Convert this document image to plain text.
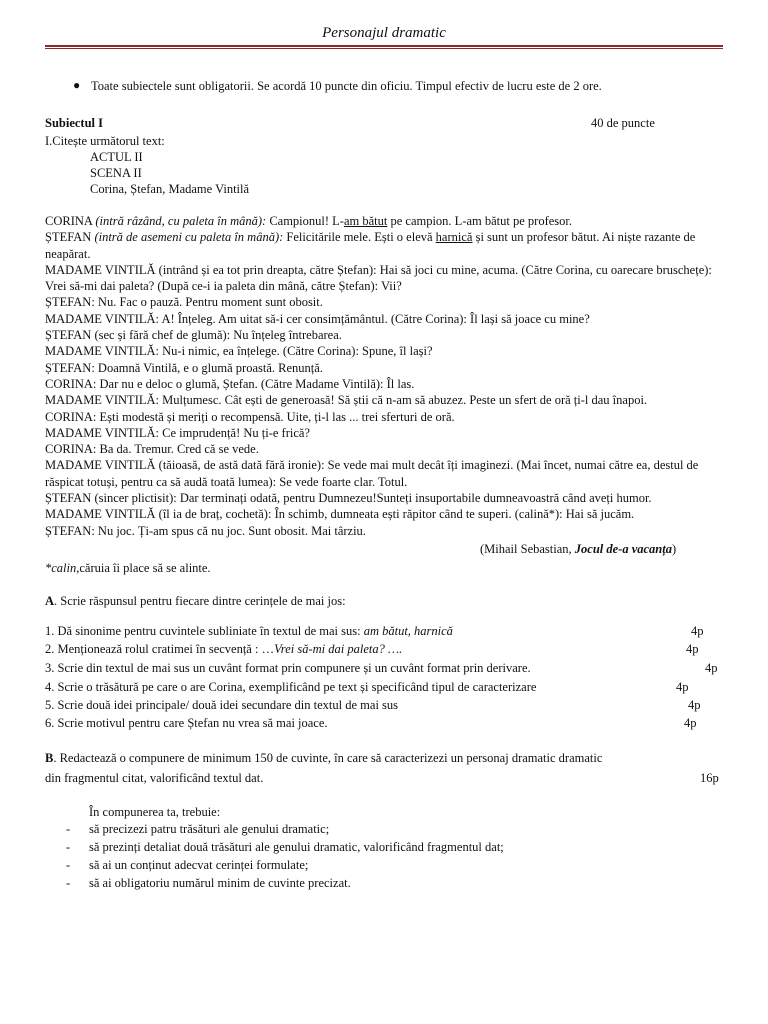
Personajul dramatic
● Toate subiectele sunt obligatorii. Se acordă 10 puncte din oficiu. Timpul efectiv de lucru este de 2 ore.
Subiectul I	40 de puncte
I.Citește următorul text:
ACTUL II
SCENA II
Corina, Ștefan, Madame Vintilă

CORINA (intră râzând, cu paleta în mână): Campionul! L-am bătut pe campion. L-am bătut pe profesor.

ȘTEFAN (intră de asemeni cu paleta în mână): Felicitările mele. Ești o elevă harnică și sunt un profesor bătut. Ai niște razante de neapărat.

MADAME VINTILĂ (intrând și ea tot prin dreapta, către Ștefan): Hai să joci cu mine, acuma. (Către Corina, cu oarecare bruschețe): Vrei să-mi dai paleta? (După ce-i ia paleta din mână, către Ștefan): Vii?

ȘTEFAN: Nu. Fac o pauză. Pentru moment sunt obosit.

MADAME VINTILĂ: A! Înțeleg. Am uitat să-i cer consimțământul. (Către Corina): Îl lași să joace cu mine?

ȘTEFAN (sec și fără chef de glumă): Nu înțeleg întrebarea.

MADAME VINTILĂ: Nu-i nimic, ea înțelege. (Către Corina): Spune, îl lași?

ȘTEFAN: Doamnă Vintilă, e o glumă proastă. Renunță.

CORINA: Dar nu e deloc o glumă, Ștefan. (Către Madame Vintilă): Îl las.

MADAME VINTILĂ: Mulțumesc. Cât ești de generoasă! Să știi că n-am să abuzez. Peste un sfert de oră ți-l dau înapoi.

CORINA: Ești modestă și meriți o recompensă. Uite, ți-l las ... trei sferturi de oră.

MADAME VINTILĂ: Ce imprudență! Nu ți-e frică?

CORINA: Ba da. Tremur. Cred că se vede.

MADAME VINTILĂ (tăioasă, de astă dată fără ironie): Se vede mai mult decât îți imaginezi. (Mai încet, numai către ea, destul de răspicat totuși, pentru ca să audă toată lumea): Se vede foarte clar. Totul.

ȘTEFAN (sincer plictisit): Dar terminați odată, pentru Dumnezeu!Sunteți insuportabile dumneavoastră când aveți humor.

MADAME VINTILĂ (îl ia de braț, cochetă): În schimb, dumneata ești răpitor când te superi. (calină*): Hai să jucăm.

ȘTEFAN: Nu joc. Ți-am spus că nu joc. Sunt obosit. Mai târziu.

(Mihail Sebastian, Jocul de-a vacanța)
*calin,căruia îi place să se alinte.
A. Scrie răspunsul pentru fiecare dintre cerințele de mai jos:
1. Dă sinonime pentru cuvintele subliniate în textul de mai sus: am bătut, harnică	4p
2. Menționează rolul cratimei în secvență : …Vrei să-mi dai paleta? ….	4p
3. Scrie din textul de mai sus un cuvânt format prin compunere și un cuvânt format prin derivare.	4p
4. Scrie o trăsătură pe care o are Corina, exemplificând pe text și specificând tipul de caracterizare	4p
5. Scrie două idei principale/ două idei secundare din textul de mai sus	4p
6. Scrie motivul pentru care Ștefan nu vrea să mai joace.	4p
B. Redactează o compunere de minimum 150 de cuvinte, în care să caracterizezi un personaj dramatic dramatic
din fragmentul citat, valorificând textul dat.	16p
În compunerea ta, trebuie:
- să precizezi patru trăsături ale genului dramatic;
- să prezinți detaliat două trăsături ale genului dramatic, valorificând fragmentul dat;
- să ai un conținut adecvat cerinței formulate;
- să ai obligatoriu numărul minim de cuvinte precizat.
